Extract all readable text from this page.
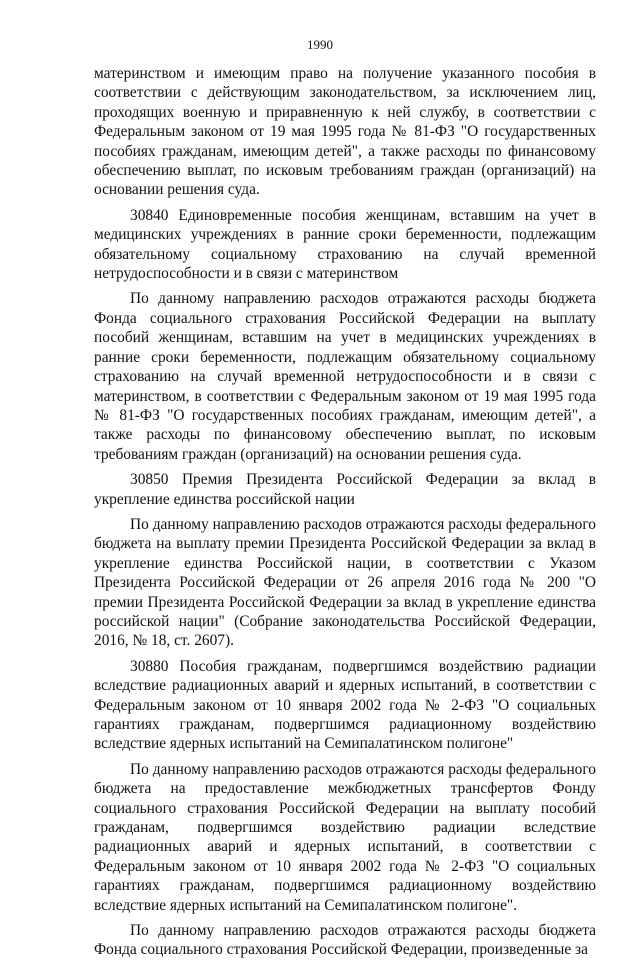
1990

материнством и имеющим право на получение указанного пособия в соответствии с действующим законодательством, за исключением лиц, проходящих военную и приравненную к ней службу, в соответствии с Федеральным законом от 19 мая 1995 года № 81-ФЗ "О государственных пособиях гражданам, имеющим детей", а также расходы по финансовому обеспечению выплат, по исковым требованиям граждан (организаций) на основании решения суда.

30840 Единовременные пособия женщинам, вставшим на учет в медицинских учреждениях в ранние сроки беременности, подлежащим обязательному социальному страхованию на случай временной нетрудоспособности и в связи с материнством

По данному направлению расходов отражаются расходы бюджета Фонда социального страхования Российской Федерации на выплату пособий женщинам, вставшим на учет в медицинских учреждениях в ранние сроки беременности, подлежащим обязательному социальному страхованию на случай временной нетрудоспособности и в связи с материнством, в соответствии с Федеральным законом от 19 мая 1995 года № 81-ФЗ "О государственных пособиях гражданам, имеющим детей", а также расходы по финансовому обеспечению выплат, по исковым требованиям граждан (организаций) на основании решения суда.

30850 Премия Президента Российской Федерации за вклад в укрепление единства российской нации

По данному направлению расходов отражаются расходы федерального бюджета на выплату премии Президента Российской Федерации за вклад в укрепление единства Российской нации, в соответствии с Указом Президента Российской Федерации от 26 апреля 2016 года № 200 "О премии Президента Российской Федерации за вклад в укрепление единства российской нации" (Собрание законодательства Российской Федерации, 2016, № 18, ст. 2607).

30880 Пособия гражданам, подвергшимся воздействию радиации вследствие радиационных аварий и ядерных испытаний, в соответствии с Федеральным законом от 10 января 2002 года № 2-ФЗ "О социальных гарантиях гражданам, подвергшимся радиационному воздействию вследствие ядерных испытаний на Семипалатинском полигоне"

По данному направлению расходов отражаются расходы федерального бюджета на предоставление межбюджетных трансфертов Фонду социального страхования Российской Федерации на выплату пособий гражданам, подвергшимся воздействию радиации вследствие радиационных аварий и ядерных испытаний, в соответствии с Федеральным законом от 10 января 2002 года № 2-ФЗ "О социальных гарантиях гражданам, подвергшимся радиационному воздействию вследствие ядерных испытаний на Семипалатинском полигоне".

По данному направлению расходов отражаются расходы бюджета Фонда социального страхования Российской Федерации, произведенные за
